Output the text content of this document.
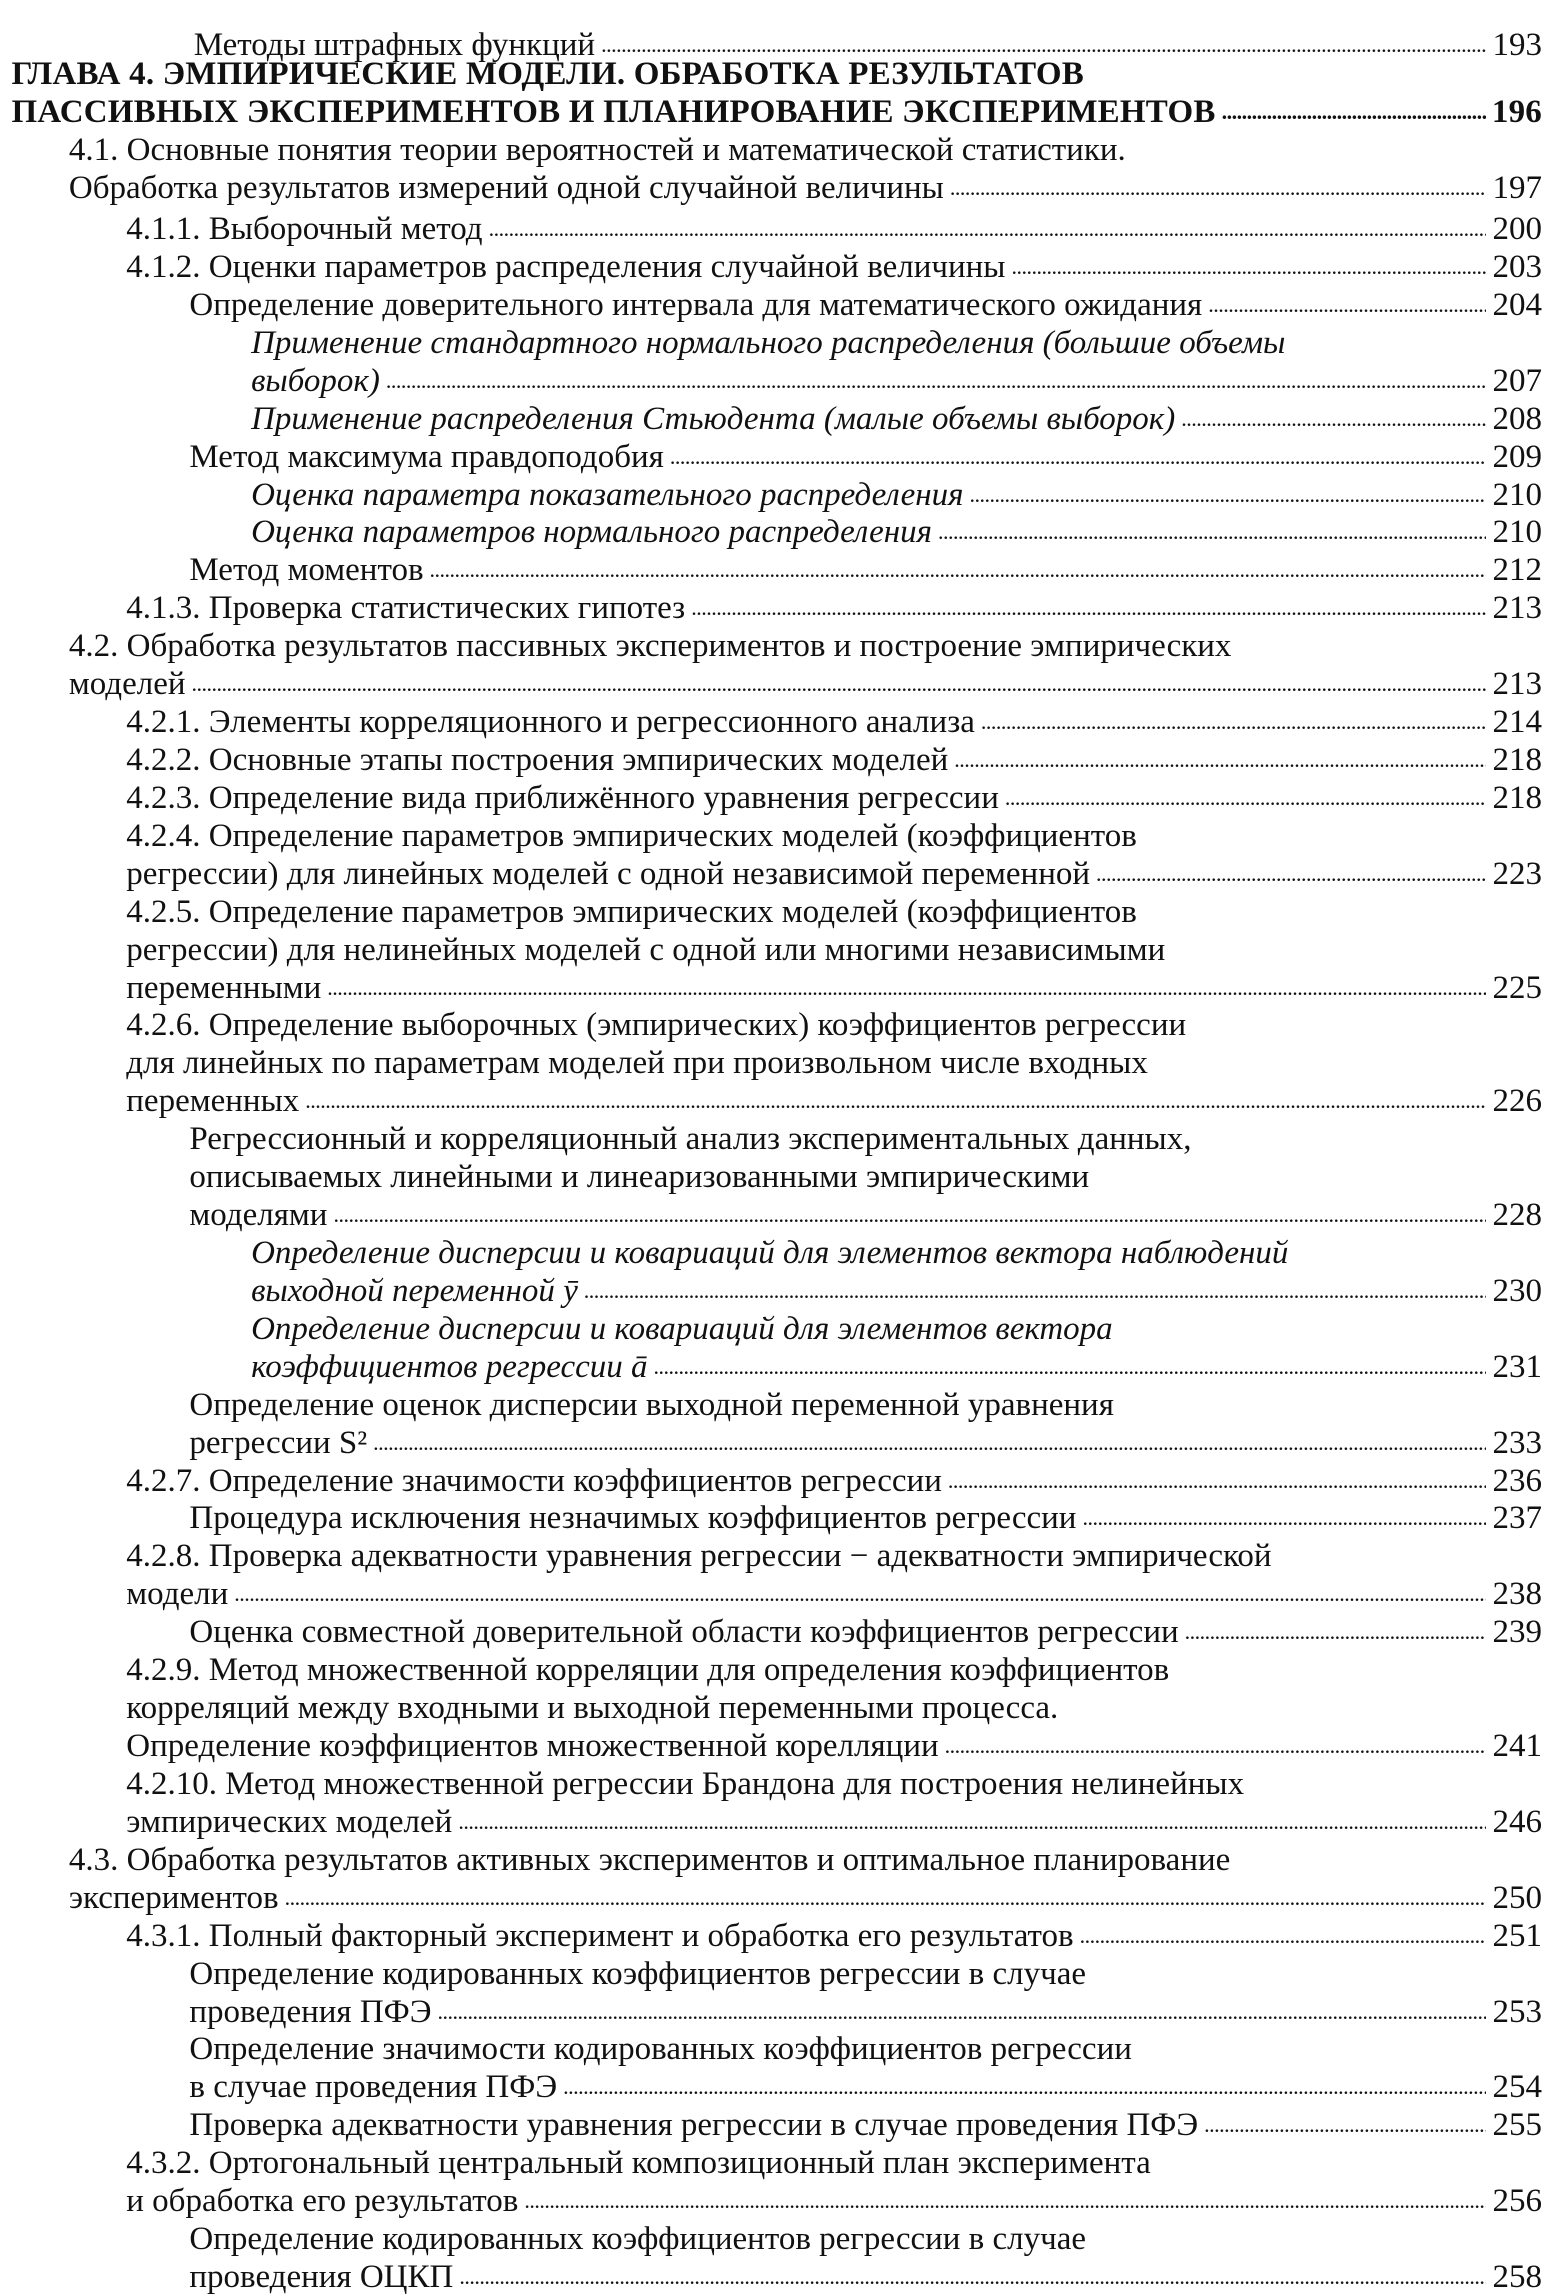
Методы штрафных функций . . .	193
ГЛАВА 4. ЭМПИРИЧЕСКИЕ МОДЕЛИ. ОБРАБОТКА РЕЗУЛЬТАТОВ
ПАССИВНЫХ ЭКСПЕРИМЕНТОВ И ПЛАНИРОВАНИЕ ЭКСПЕРИМЕНТОВ . . .	196
4.1. Основные понятия теории вероятностей и математической статистики.
Обработка результатов измерений одной случайной величины . . .	197
4.1.1. Выборочный метод . . .	200
4.1.2. Оценки параметров распределения случайной величины . . .	203
Определение доверительного интервала для математического ожидания . . .	204
Применение стандартного нормального распределения (большие объемы
выборок) . . .	207
Применение распределения Стьюдента (малые объемы выборок) . . .	208
Метод максимума правдоподобия . . .	209
Оценка параметра показательного распределения . . .	210
Оценка параметров нормального распределения . . .	210
Метод моментов . . .	212
4.1.3. Проверка статистических гипотез . . .	213
4.2. Обработка результатов пассивных экспериментов и построение эмпирических
моделей . . .	213
4.2.1. Элементы корреляционного и регрессионного анализа . . .	214
4.2.2. Основные этапы построения эмпирических моделей . . .	218
4.2.3. Определение вида приближённого уравнения регрессии . . .	218
4.2.4. Определение параметров эмпирических моделей (коэффициентов
регрессии) для линейных моделей с одной независимой переменной . . .	223
4.2.5. Определение параметров эмпирических моделей (коэффициентов
регрессии) для нелинейных моделей с одной или многими независимыми
переменными . . .	225
4.2.6. Определение выборочных (эмпирических) коэффициентов регрессии
для линейных по параметрам моделей при произвольном числе входных
переменных . . .	226
Регрессионный и корреляционный анализ экспериментальных данных,
описываемых линейными и линеаризованными эмпирическими
моделями . . .	228
Определение дисперсии и ковариаций для элементов вектора наблюдений
выходной переменной ȳ . . .	230
Определение дисперсии и ковариаций для элементов вектора
коэффициентов регрессии ā . . .	231
Определение оценок дисперсии выходной переменной уравнения
регрессии S² . . .	233
4.2.7. Определение значимости коэффициентов регрессии . . .	236
Процедура исключения незначимых коэффициентов регрессии . . .	237
4.2.8. Проверка адекватности уравнения регрессии − адекватности эмпирической
модели . . .	238
Оценка совместной доверительной области коэффициентов регрессии . . .	239
4.2.9. Метод множественной корреляции для определения коэффициентов
корреляций между входными и выходной переменными процесса.
Определение коэффициентов множественной корелляции . . .	241
4.2.10. Метод множественной регрессии Брандона для построения нелинейных
эмпирических моделей . . .	246
4.3. Обработка результатов активных экспериментов и оптимальное планирование
экспериментов . . .	250
4.3.1. Полный факторный эксперимент и обработка его результатов . . .	251
Определение кодированных коэффициентов регрессии в случае
проведения ПФЭ . . .	253
Определение значимости кодированных коэффициентов регрессии
в случае проведения ПФЭ . . .	254
Проверка адекватности уравнения регрессии в случае проведения ПФЭ . . .	255
4.3.2. Ортогональный центральный композиционный план эксперимента
и обработка его результатов . . .	256
Определение кодированных коэффициентов регрессии в случае
проведения ОЦКП . . .	258
